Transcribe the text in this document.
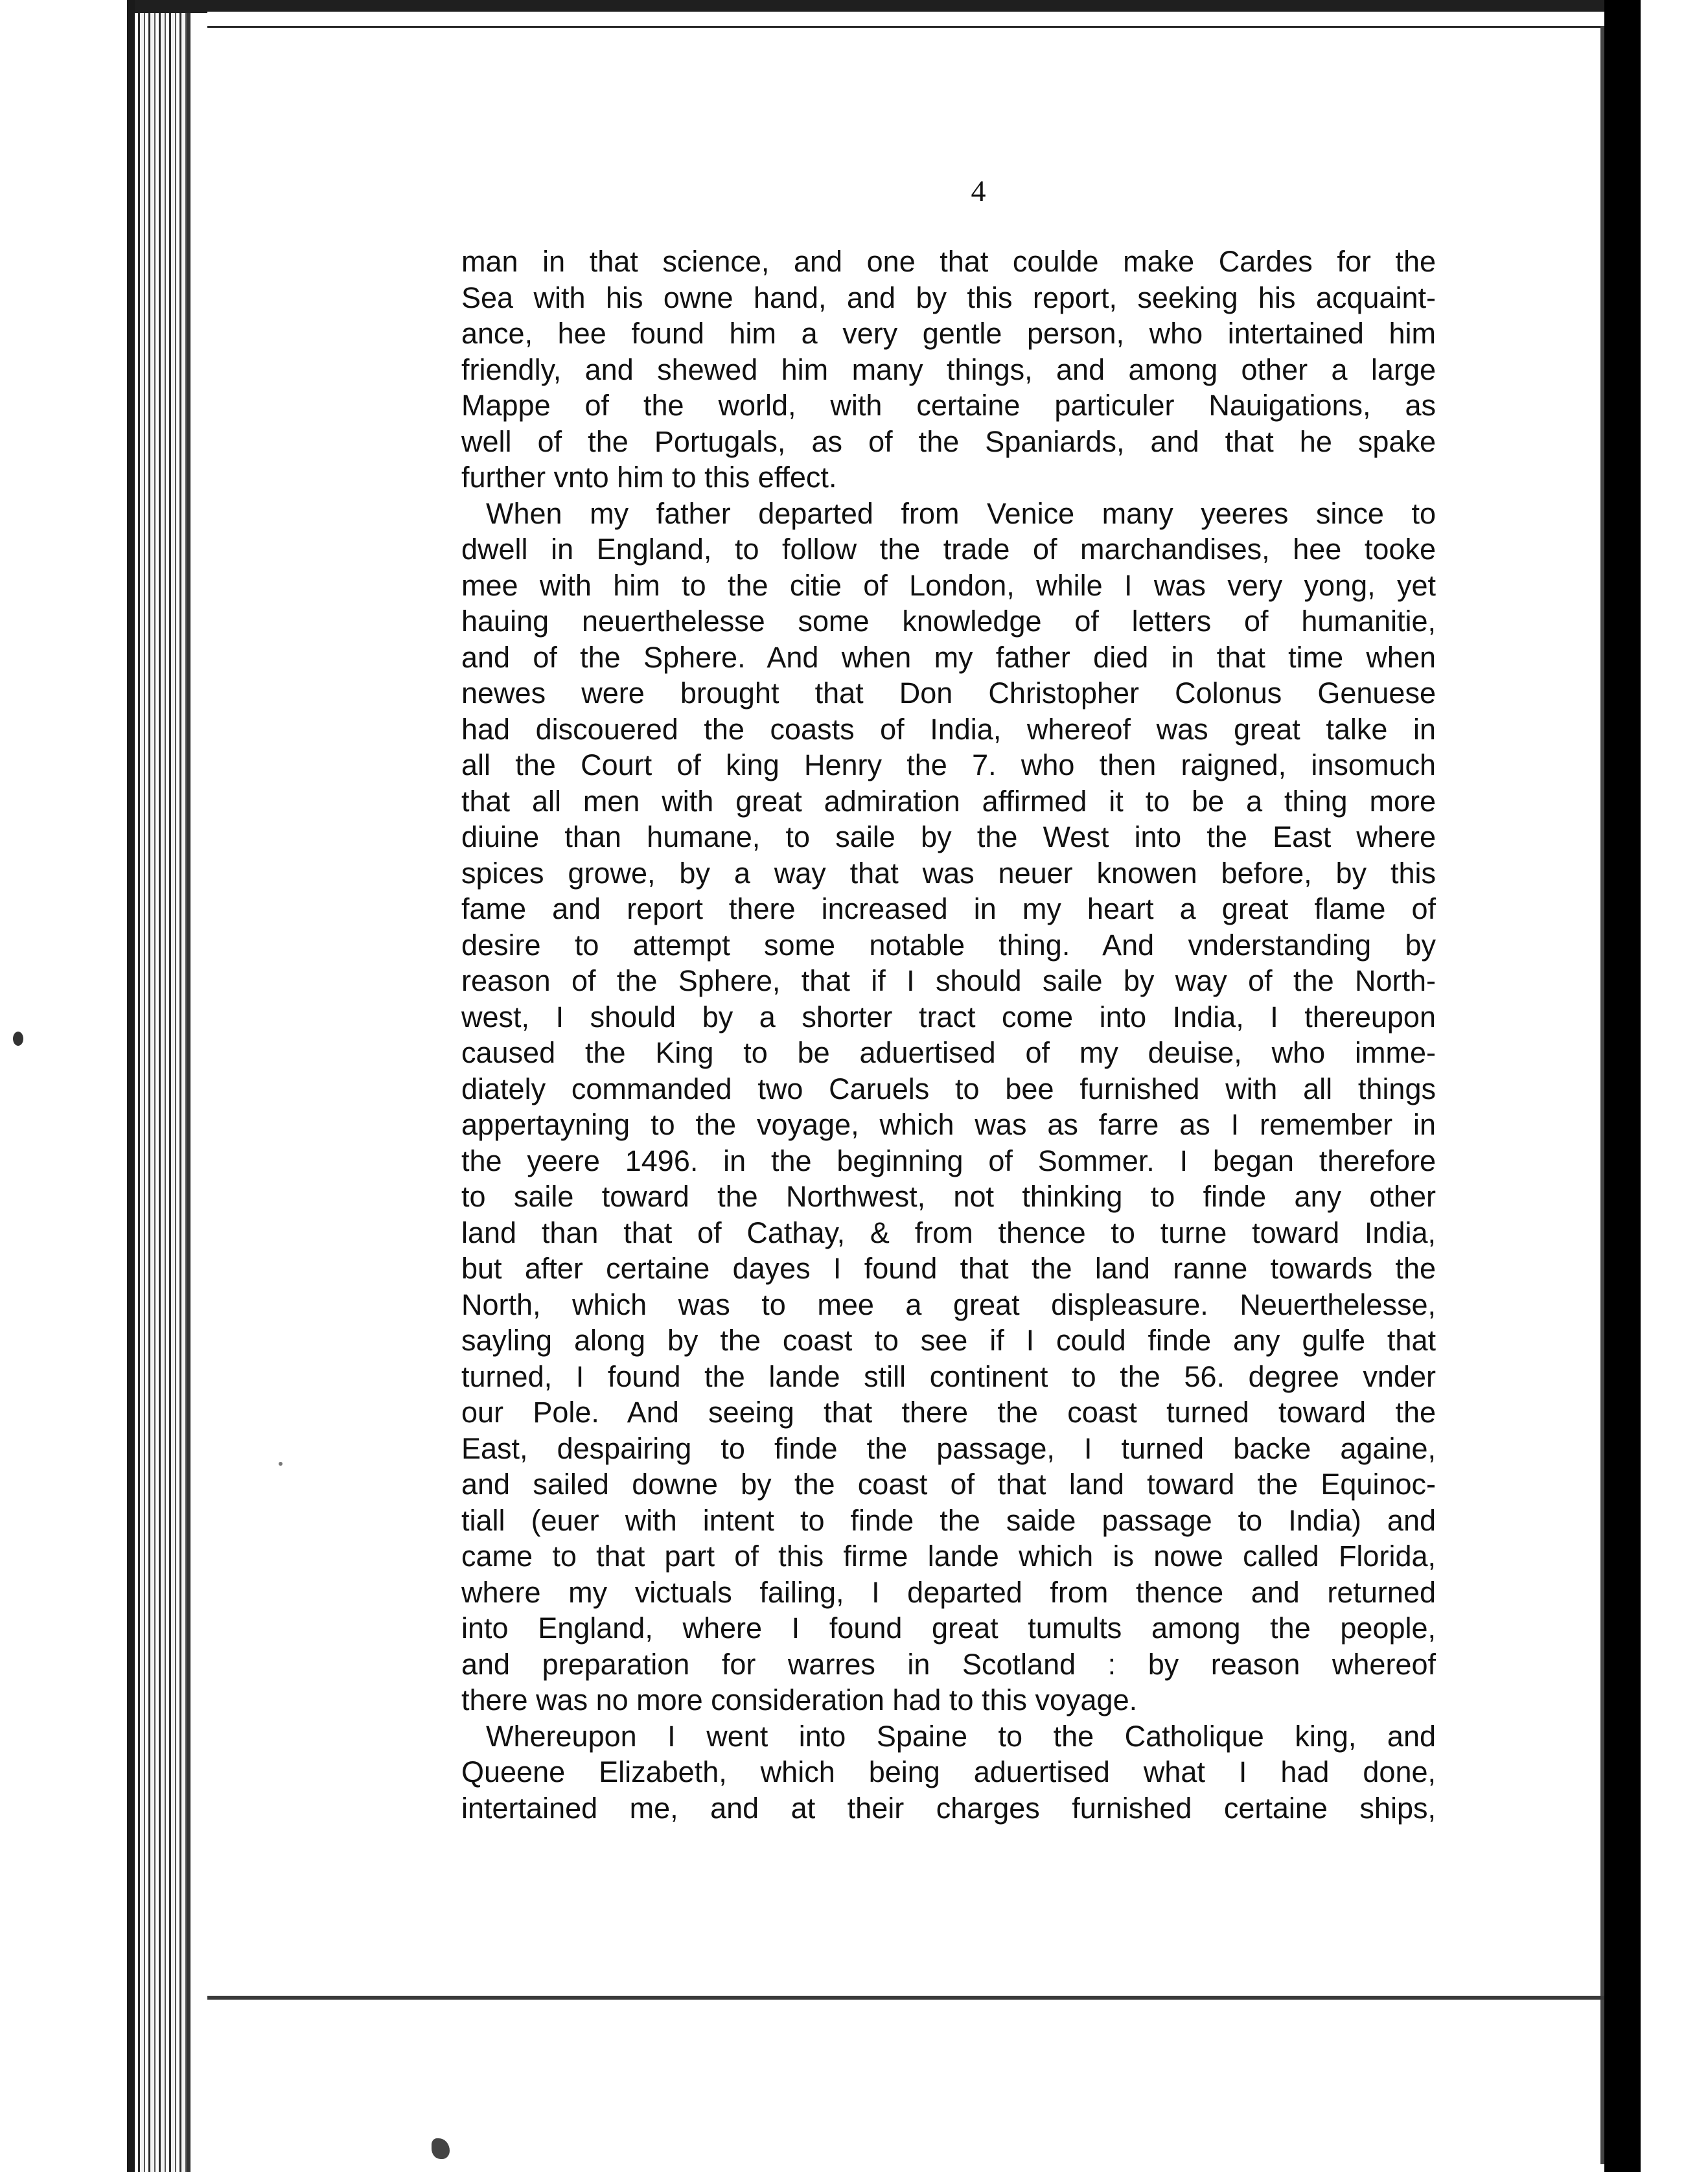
4
man in that science, and one that coulde make Cardes for the
Sea with his owne hand, and by this report, seeking his acquaint-
ance, hee found him a very gentle person, who intertained him
friendly, and shewed him many things, and among other a large
Mappe of the world, with certaine particuler Nauigations, as
well of the Portugals, as of the Spaniards, and that he spake
further vnto him to this effect.
When my father departed from Venice many yeeres since to
dwell in England, to follow the trade of marchandises, hee tooke
mee with him to the citie of London, while I was very yong, yet
hauing neuerthelesse some knowledge of letters of humanitie,
and of the Sphere. And when my father died in that time when
newes were brought that Don Christopher Colonus Genuese
had discouered the coasts of India, whereof was great talke in
all the Court of king Henry the 7. who then raigned, insomuch
that all men with great admiration affirmed it to be a thing more
diuine than humane, to saile by the West into the East where
spices growe, by a way that was neuer knowen before, by this
fame and report there increased in my heart a great flame of
desire to attempt some notable thing. And vnderstanding by
reason of the Sphere, that if I should saile by way of the North-
west, I should by a shorter tract come into India, I thereupon
caused the King to be aduertised of my deuise, who imme-
diately commanded two Caruels to bee furnished with all things
appertayning to the voyage, which was as farre as I remember in
the yeere 1496. in the beginning of Sommer. I began therefore
to saile toward the Northwest, not thinking to finde any other
land than that of Cathay, & from thence to turne toward India,
but after certaine dayes I found that the land ranne towards the
North, which was to mee a great displeasure. Neuerthelesse,
sayling along by the coast to see if I could finde any gulfe that
turned, I found the lande still continent to the 56. degree vnder
our Pole. And seeing that there the coast turned toward the
East, despairing to finde the passage, I turned backe againe,
and sailed downe by the coast of that land toward the Equinoc-
tiall (euer with intent to finde the saide passage to India) and
came to that part of this firme lande which is nowe called Florida,
where my victuals failing, I departed from thence and returned
into England, where I found great tumults among the people,
and preparation for warres in Scotland : by reason whereof
there was no more consideration had to this voyage.
Whereupon I went into Spaine to the Catholique king, and
Queene Elizabeth, which being aduertised what I had done,
intertained me, and at their charges furnished certaine ships,
